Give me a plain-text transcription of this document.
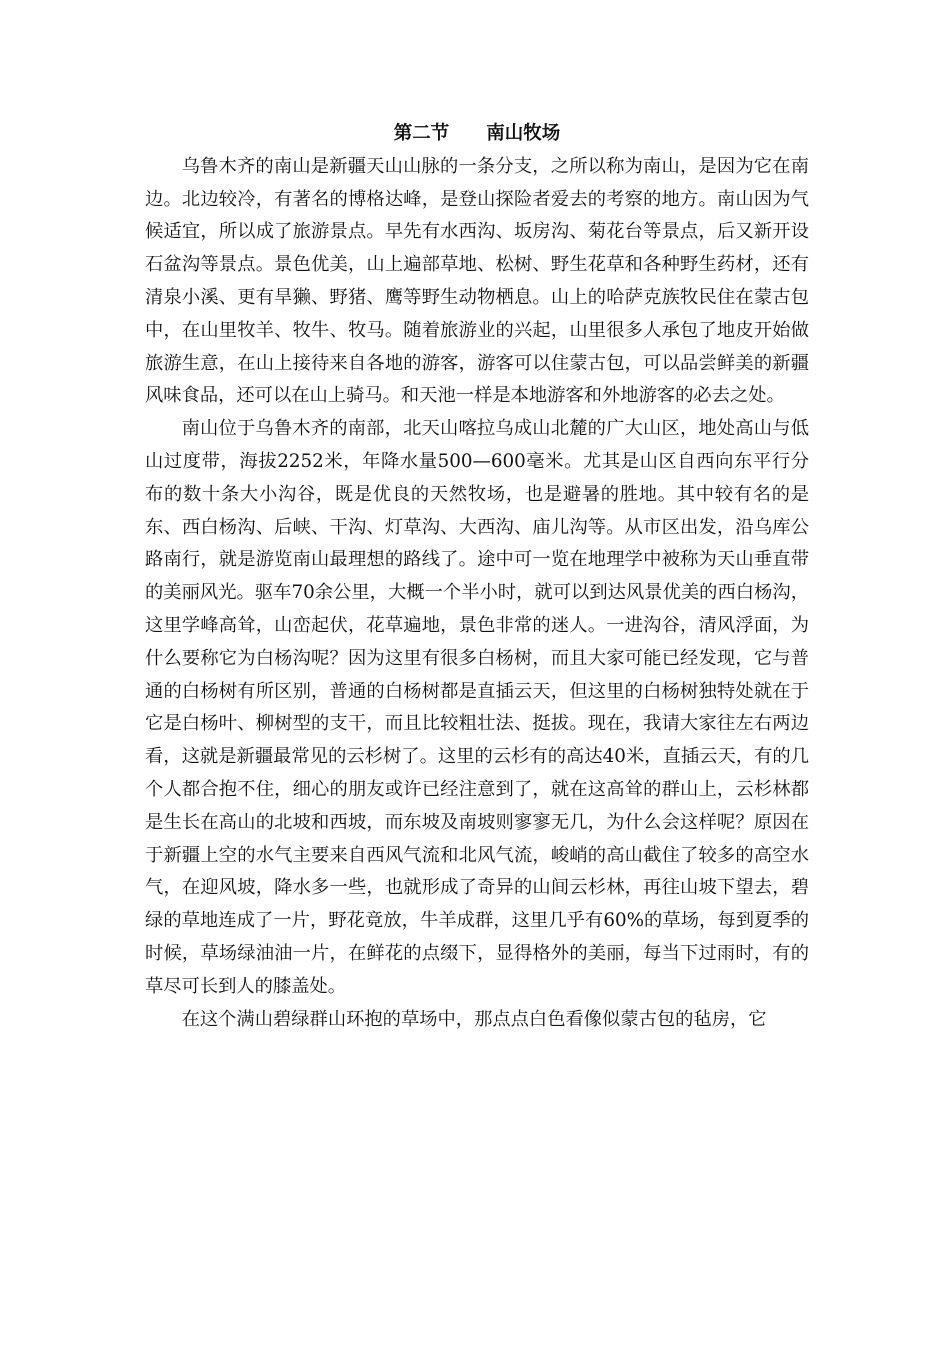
第二节　　南山牧场

乌鲁木齐的南山是新疆天山山脉的一条分支，之所以称为南山，是因为它在南边。北边较冷，有著名的博格达峰，是登山探险者爱去的考察的地方。南山因为气候适宜，所以成了旅游景点。早先有水西沟、坂房沟、菊花台等景点，后又新开设石盆沟等景点。景色优美，山上遍部草地、松树、野生花草和各种野生药材，还有清泉小溪、更有旱獭、野猪、鹰等野生动物栖息。山上的哈萨克族牧民住在蒙古包中，在山里牧羊、牧牛、牧马。随着旅游业的兴起，山里很多人承包了地皮开始做旅游生意，在山上接待来自各地的游客，游客可以住蒙古包，可以品尝鲜美的新疆风味食品，还可以在山上骑马。和天池一样是本地游客和外地游客的必去之处。

南山位于乌鲁木齐的南部，北天山喀拉乌成山北麓的广大山区，地处高山与低山过度带，海拔2252米，年降水量500—600毫米。尤其是山区自西向东平行分布的数十条大小沟谷，既是优良的天然牧场，也是避暑的胜地。其中较有名的是东、西白杨沟、后峡、干沟、灯草沟、大西沟、庙儿沟等。从市区出发，沿乌库公路南行，就是游览南山最理想的路线了。途中可一览在地理学中被称为天山垂直带的美丽风光。驱车70余公里，大概一个半小时，就可以到达风景优美的西白杨沟，这里学峰高耸，山峦起伏，花草遍地，景色非常的迷人。一进沟谷，清风浮面，为什么要称它为白杨沟呢？因为这里有很多白杨树，而且大家可能已经发现，它与普通的白杨树有所区别，普通的白杨树都是直插云天，但这里的白杨树独特处就在于它是白杨叶、柳树型的支干，而且比较粗壮法、挺拔。现在，我请大家往左右两边看，这就是新疆最常见的云杉树了。这里的云杉有的高达40米，直插云天，有的几个人都合抱不住，细心的朋友或许已经注意到了，就在这高耸的群山上，云杉林都是生长在高山的北坡和西坡，而东坡及南坡则寥寥无几，为什么会这样呢？原因在于新疆上空的水气主要来自西风气流和北风气流，峻峭的高山截住了较多的高空水气，在迎风坡，降水多一些，也就形成了奇异的山间云杉林，再往山坡下望去，碧绿的草地连成了一片，野花竟放，牛羊成群，这里几乎有60%的草场，每到夏季的时候，草场绿油油一片，在鲜花的点缀下，显得格外的美丽，每当下过雨时，有的草尽可长到人的膝盖处。

在这个满山碧绿群山环抱的草场中，那点点白色看像似蒙古包的毡房，它
